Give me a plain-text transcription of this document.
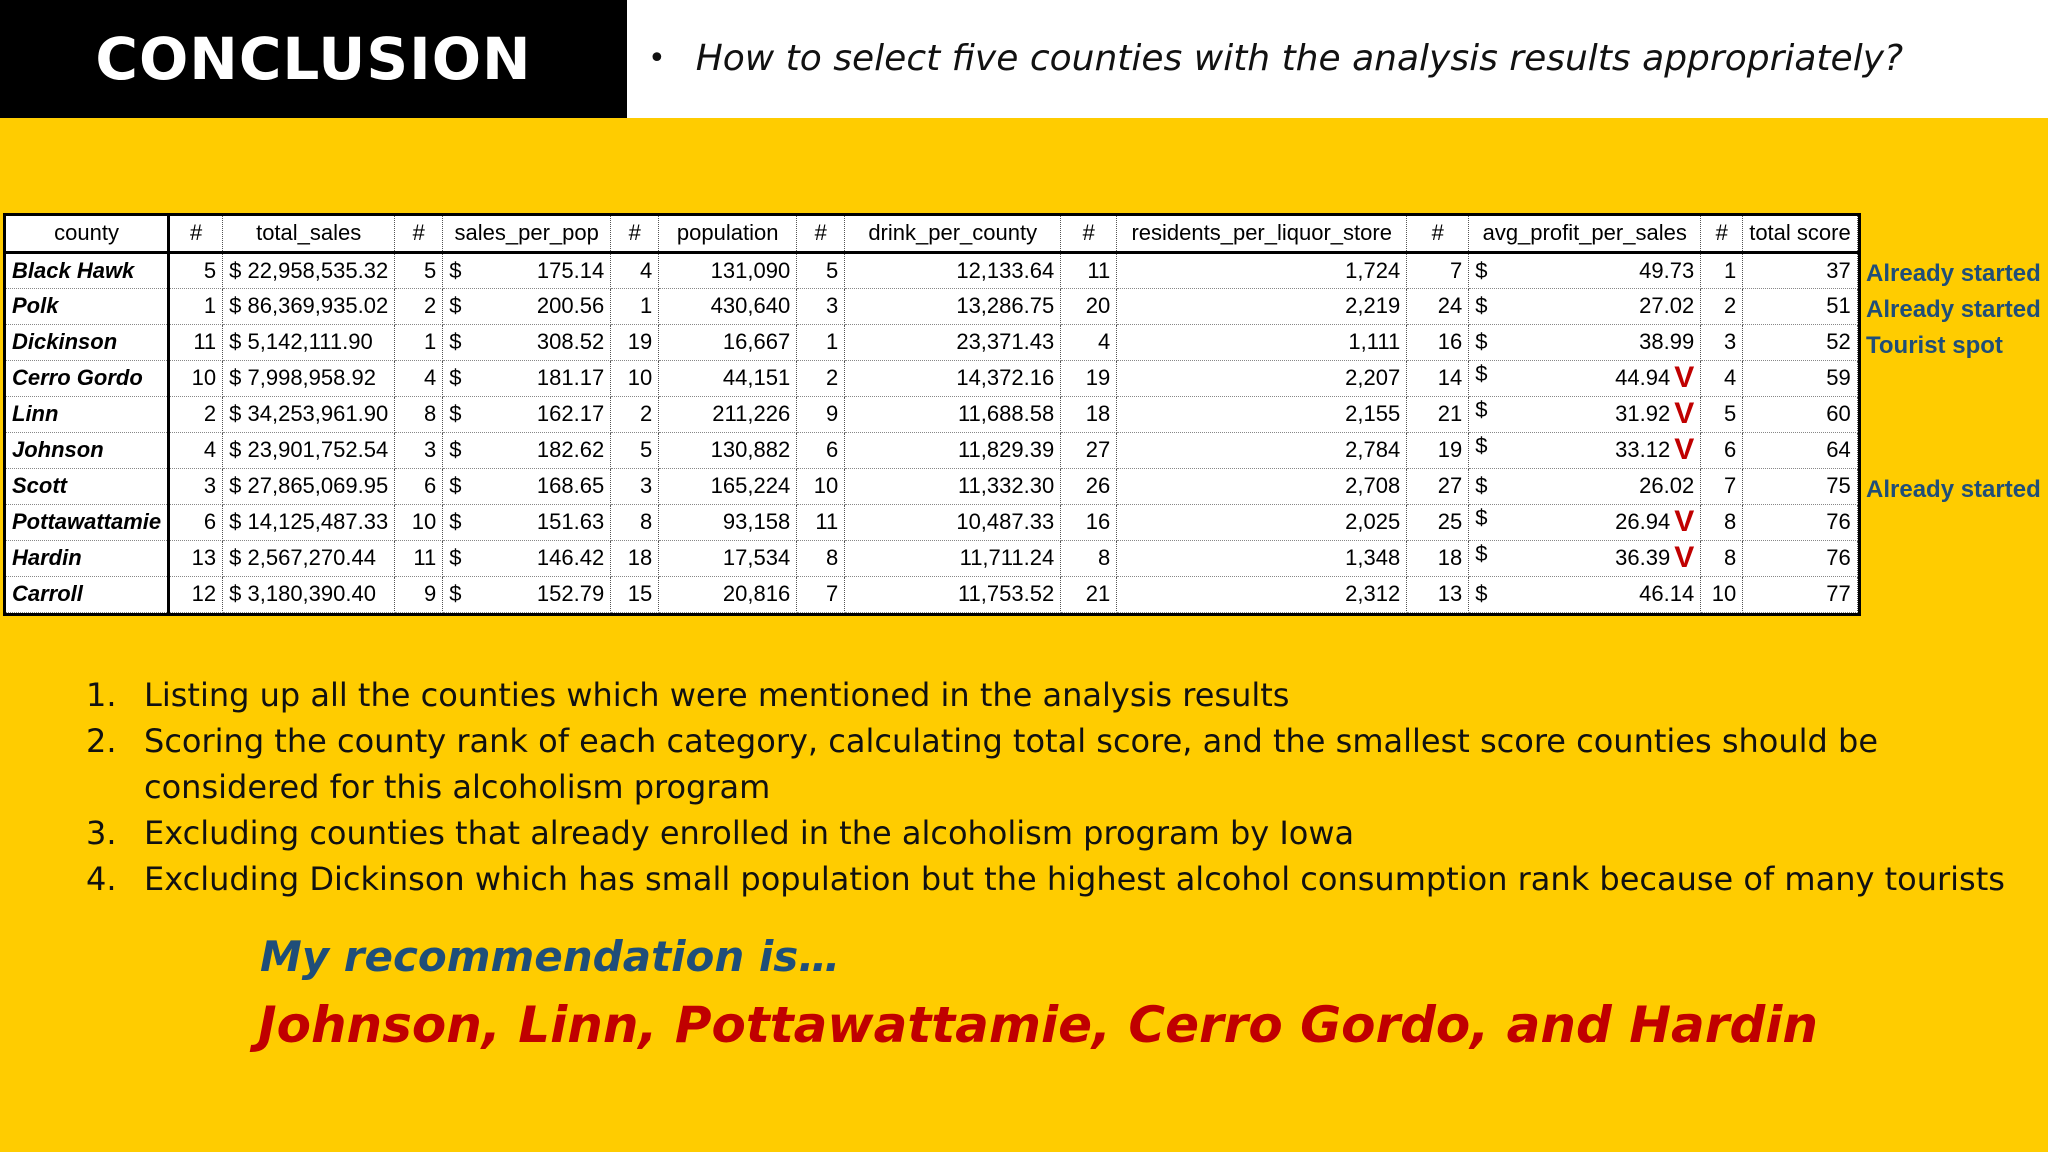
CONCLUSION	• How to select five counties with the analysis results appropriately?
county	#	total_sales	#	sales_per_pop	#	population	#	drink_per_county	#	residents_per_liquor_store	#	avg_profit_per_sales	#	total score
Black Hawk	5	$ 22,958,535.32	5	$ 175.14	4	131,090	5	12,133.64	11	1,724	7	$ 49.73	1	37
Polk	1	$ 86,369,935.02	2	$ 200.56	1	430,640	3	13,286.75	20	2,219	24	$ 27.02	2	51
Dickinson	11	$ 5,142,111.90	1	$ 308.52	19	16,667	1	23,371.43	4	1,111	16	$ 38.99	3	52
Cerro Gordo	10	$ 7,998,958.92	4	$ 181.17	10	44,151	2	14,372.16	19	2,207	14	$ 44.94 V	4	59
Linn	2	$ 34,253,961.90	8	$ 162.17	2	211,226	9	11,688.58	18	2,155	21	$ 31.92 V	5	60
Johnson	4	$ 23,901,752.54	3	$ 182.62	5	130,882	6	11,829.39	27	2,784	19	$ 33.12 V	6	64
Scott	3	$ 27,865,069.95	6	$ 168.65	3	165,224	10	11,332.30	26	2,708	27	$ 26.02	7	75
Pottawattamie	6	$ 14,125,487.33	10	$ 151.63	8	93,158	11	10,487.33	16	2,025	25	$ 26.94 V	8	76
Hardin	13	$ 2,567,270.44	11	$ 146.42	18	17,534	8	11,711.24	8	1,348	18	$ 36.39 V	8	76
Carroll	12	$ 3,180,390.40	9	$ 152.79	15	20,816	7	11,753.52	21	2,312	13	$ 46.14	10	77
Already started
Already started
Tourist spot
Already started
1. Listing up all the counties which were mentioned in the analysis results
2. Scoring the county rank of each category, calculating total score, and the smallest score counties should be considered for this alcoholism program
3. Excluding counties that already enrolled in the alcoholism program by Iowa
4. Excluding Dickinson which has small population but the highest alcohol consumption rank because of many tourists
My recommendation is…
Johnson, Linn, Pottawattamie, Cerro Gordo, and Hardin
